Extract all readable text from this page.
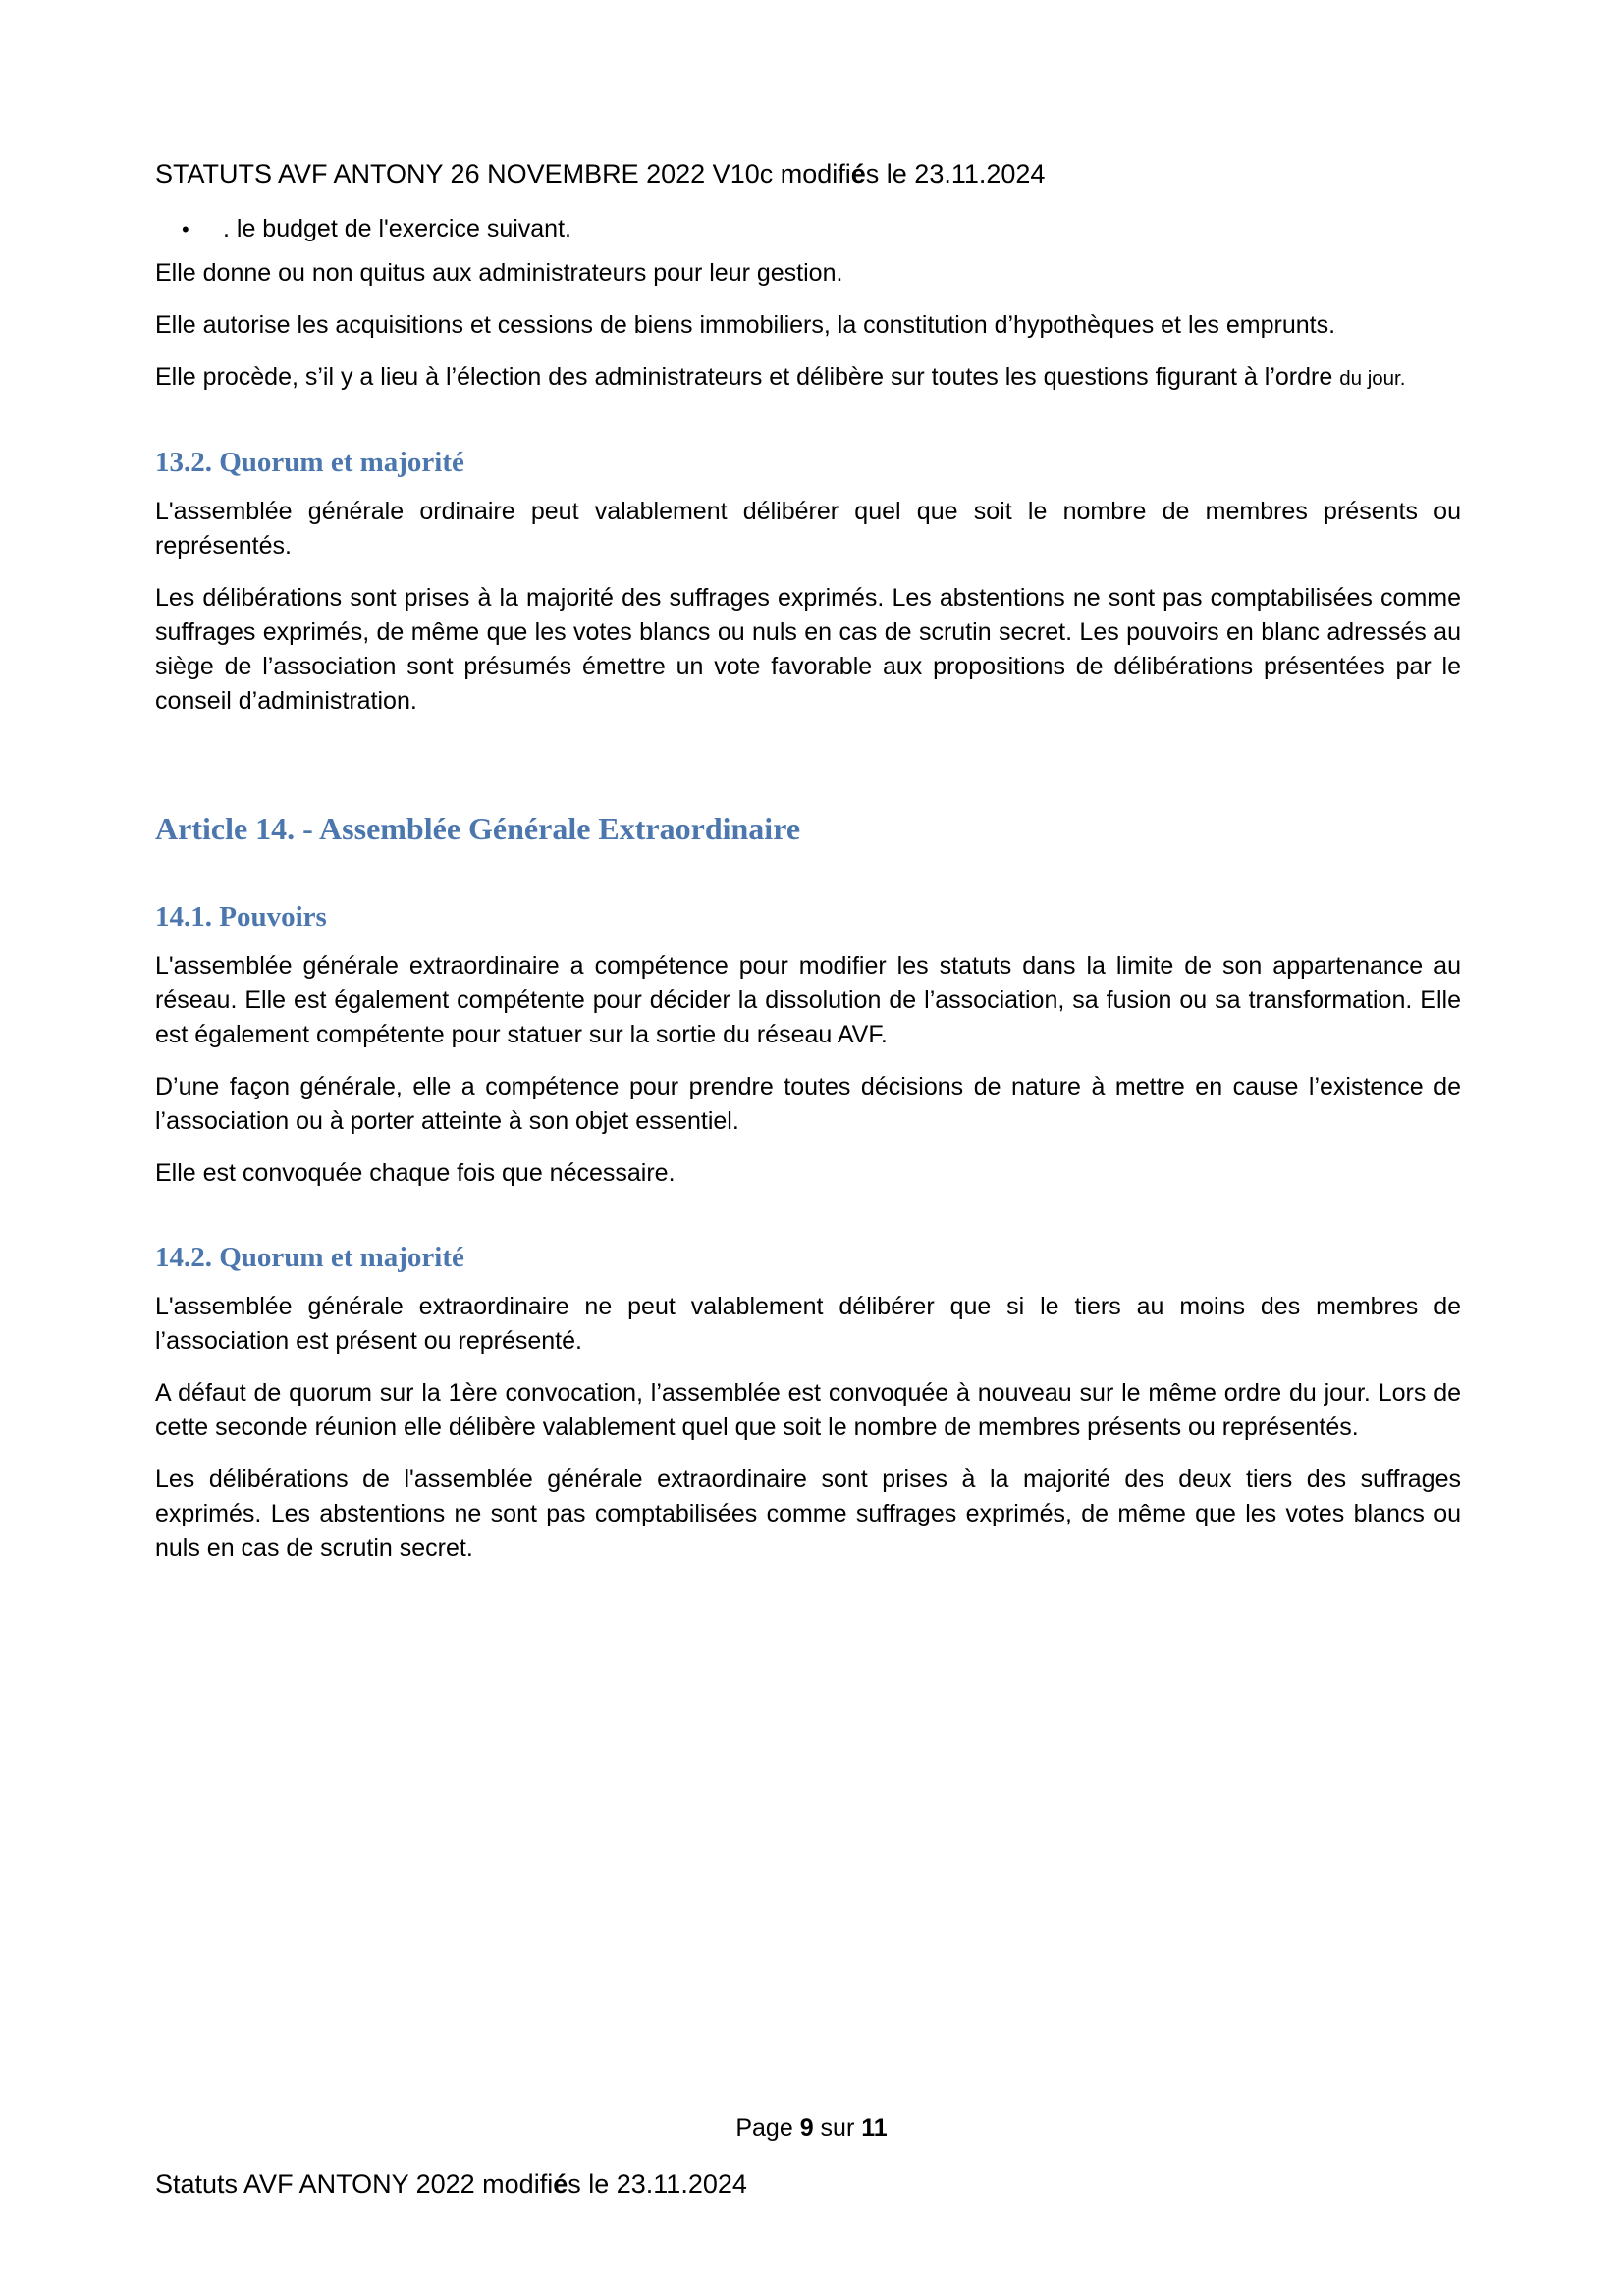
STATUTS AVF ANTONY 26 NOVEMBRE 2022 V10c modifiés le 23.11.2024
•	. le budget de l'exercice suivant.

Elle donne ou non quitus aux administrateurs pour leur gestion.

Elle autorise les acquisitions et cessions de biens immobiliers, la constitution d’hypothèques et les emprunts.

Elle procède, s’il y a lieu à l’élection des administrateurs et délibère sur toutes les questions figurant à l’ordre du jour.

13.2. Quorum et majorité

L'assemblée générale ordinaire peut valablement délibérer quel que soit le nombre de membres présents ou représentés.

Les délibérations sont prises à la majorité des suffrages exprimés. Les abstentions ne sont pas comptabilisées comme suffrages exprimés, de même que les votes blancs ou nuls en cas de scrutin secret. Les pouvoirs en blanc adressés au siège de l’association sont présumés émettre un vote favorable aux propositions de délibérations présentées par le conseil d’administration.

Article 14. - Assemblée Générale Extraordinaire
14.1. Pouvoirs

L'assemblée générale extraordinaire a compétence pour modifier les statuts dans la limite de son appartenance au réseau. Elle est également compétente pour décider la dissolution de l’association, sa fusion ou sa transformation. Elle est également compétente pour statuer sur la sortie du réseau AVF.

D’une façon générale, elle a compétence pour prendre toutes décisions de nature à mettre en cause l’existence de l’association ou à porter atteinte à son objet essentiel.

Elle est convoquée chaque fois que nécessaire.

14.2. Quorum et majorité

L'assemblée générale extraordinaire ne peut valablement délibérer que si le tiers au moins des membres de l’association est présent ou représenté.

A défaut de quorum sur la 1ère convocation, l’assemblée est convoquée à nouveau sur le même ordre du jour. Lors de cette seconde réunion elle délibère valablement quel que soit le nombre de membres présents ou représentés.

Les délibérations de l'assemblée générale extraordinaire sont prises à la majorité des deux tiers des suffrages exprimés. Les abstentions ne sont pas comptabilisées comme suffrages exprimés, de même que les votes blancs ou nuls en cas de scrutin secret.

Page 9 sur 11
Statuts AVF ANTONY 2022 modifiés le 23.11.2024
